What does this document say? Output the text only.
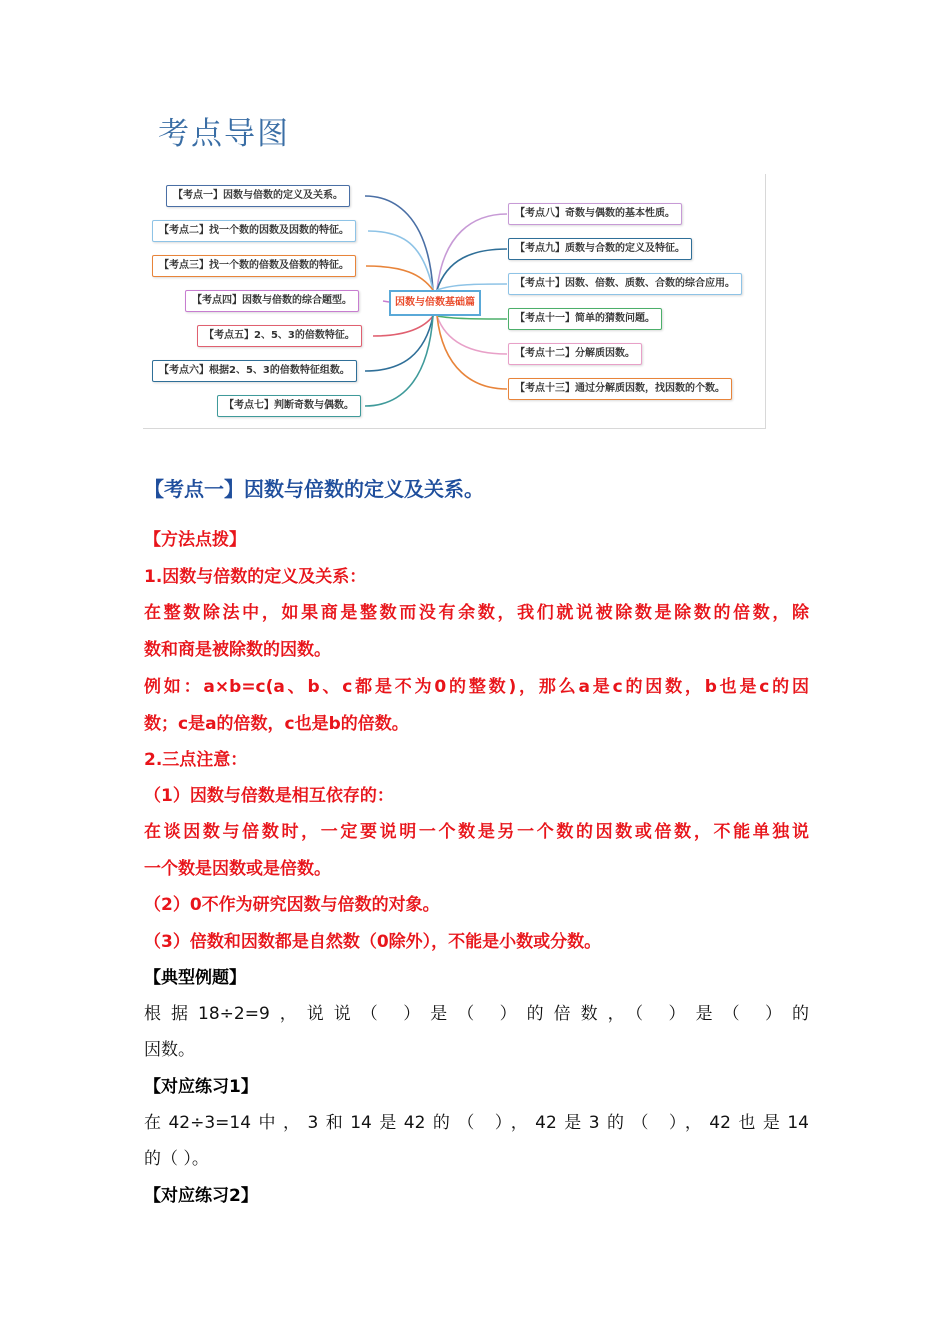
考点导图
【考点一】因数与倍数的定义及关系。
【考点二】找一个数的因数及因数的特征。
【考点三】找一个数的倍数及倍数的特征。
【考点四】因数与倍数的综合题型。
【考点五】2、5、3的倍数特征。
【考点六】根据2、5、3的倍数特征组数。
【考点七】判断奇数与偶数。
因数与倍数基础篇
【考点八】奇数与偶数的基本性质。
【考点九】质数与合数的定义及特征。
【考点十】因数、倍数、质数、合数的综合应用。
【考点十一】简单的猜数问题。
【考点十二】分解质因数。
【考点十三】通过分解质因数，找因数的个数。
【考点一】因数与倍数的定义及关系。
【方法点拨】
1.因数与倍数的定义及关系：
在整数除法中，如果商是整数而没有余数，我们就说被除数是除数的倍数，除
数和商是被除数的因数。
例如：a×b=c(a、b、c都是不为0的整数)，那么a是c的因数，b也是c的因
数；c是a的倍数，c也是b的倍数。
2.三点注意：
（1）因数与倍数是相互依存的：
在谈因数与倍数时，一定要说明一个数是另一个数的因数或倍数，不能单独说
一个数是因数或是倍数。
（2）0不作为研究因数与倍数的对象。
（3）倍数和因数都是自然数（0除外），不能是小数或分数。
【典型例题】
根据18÷2=9，说说（ ）是（ ）的倍数，（ ）是（ ）的
因数。
【对应练习1】
在42÷3=14中，3和14是42的（ ），42是3的（ ），42也是14
的（ ）。
【对应练习2】
